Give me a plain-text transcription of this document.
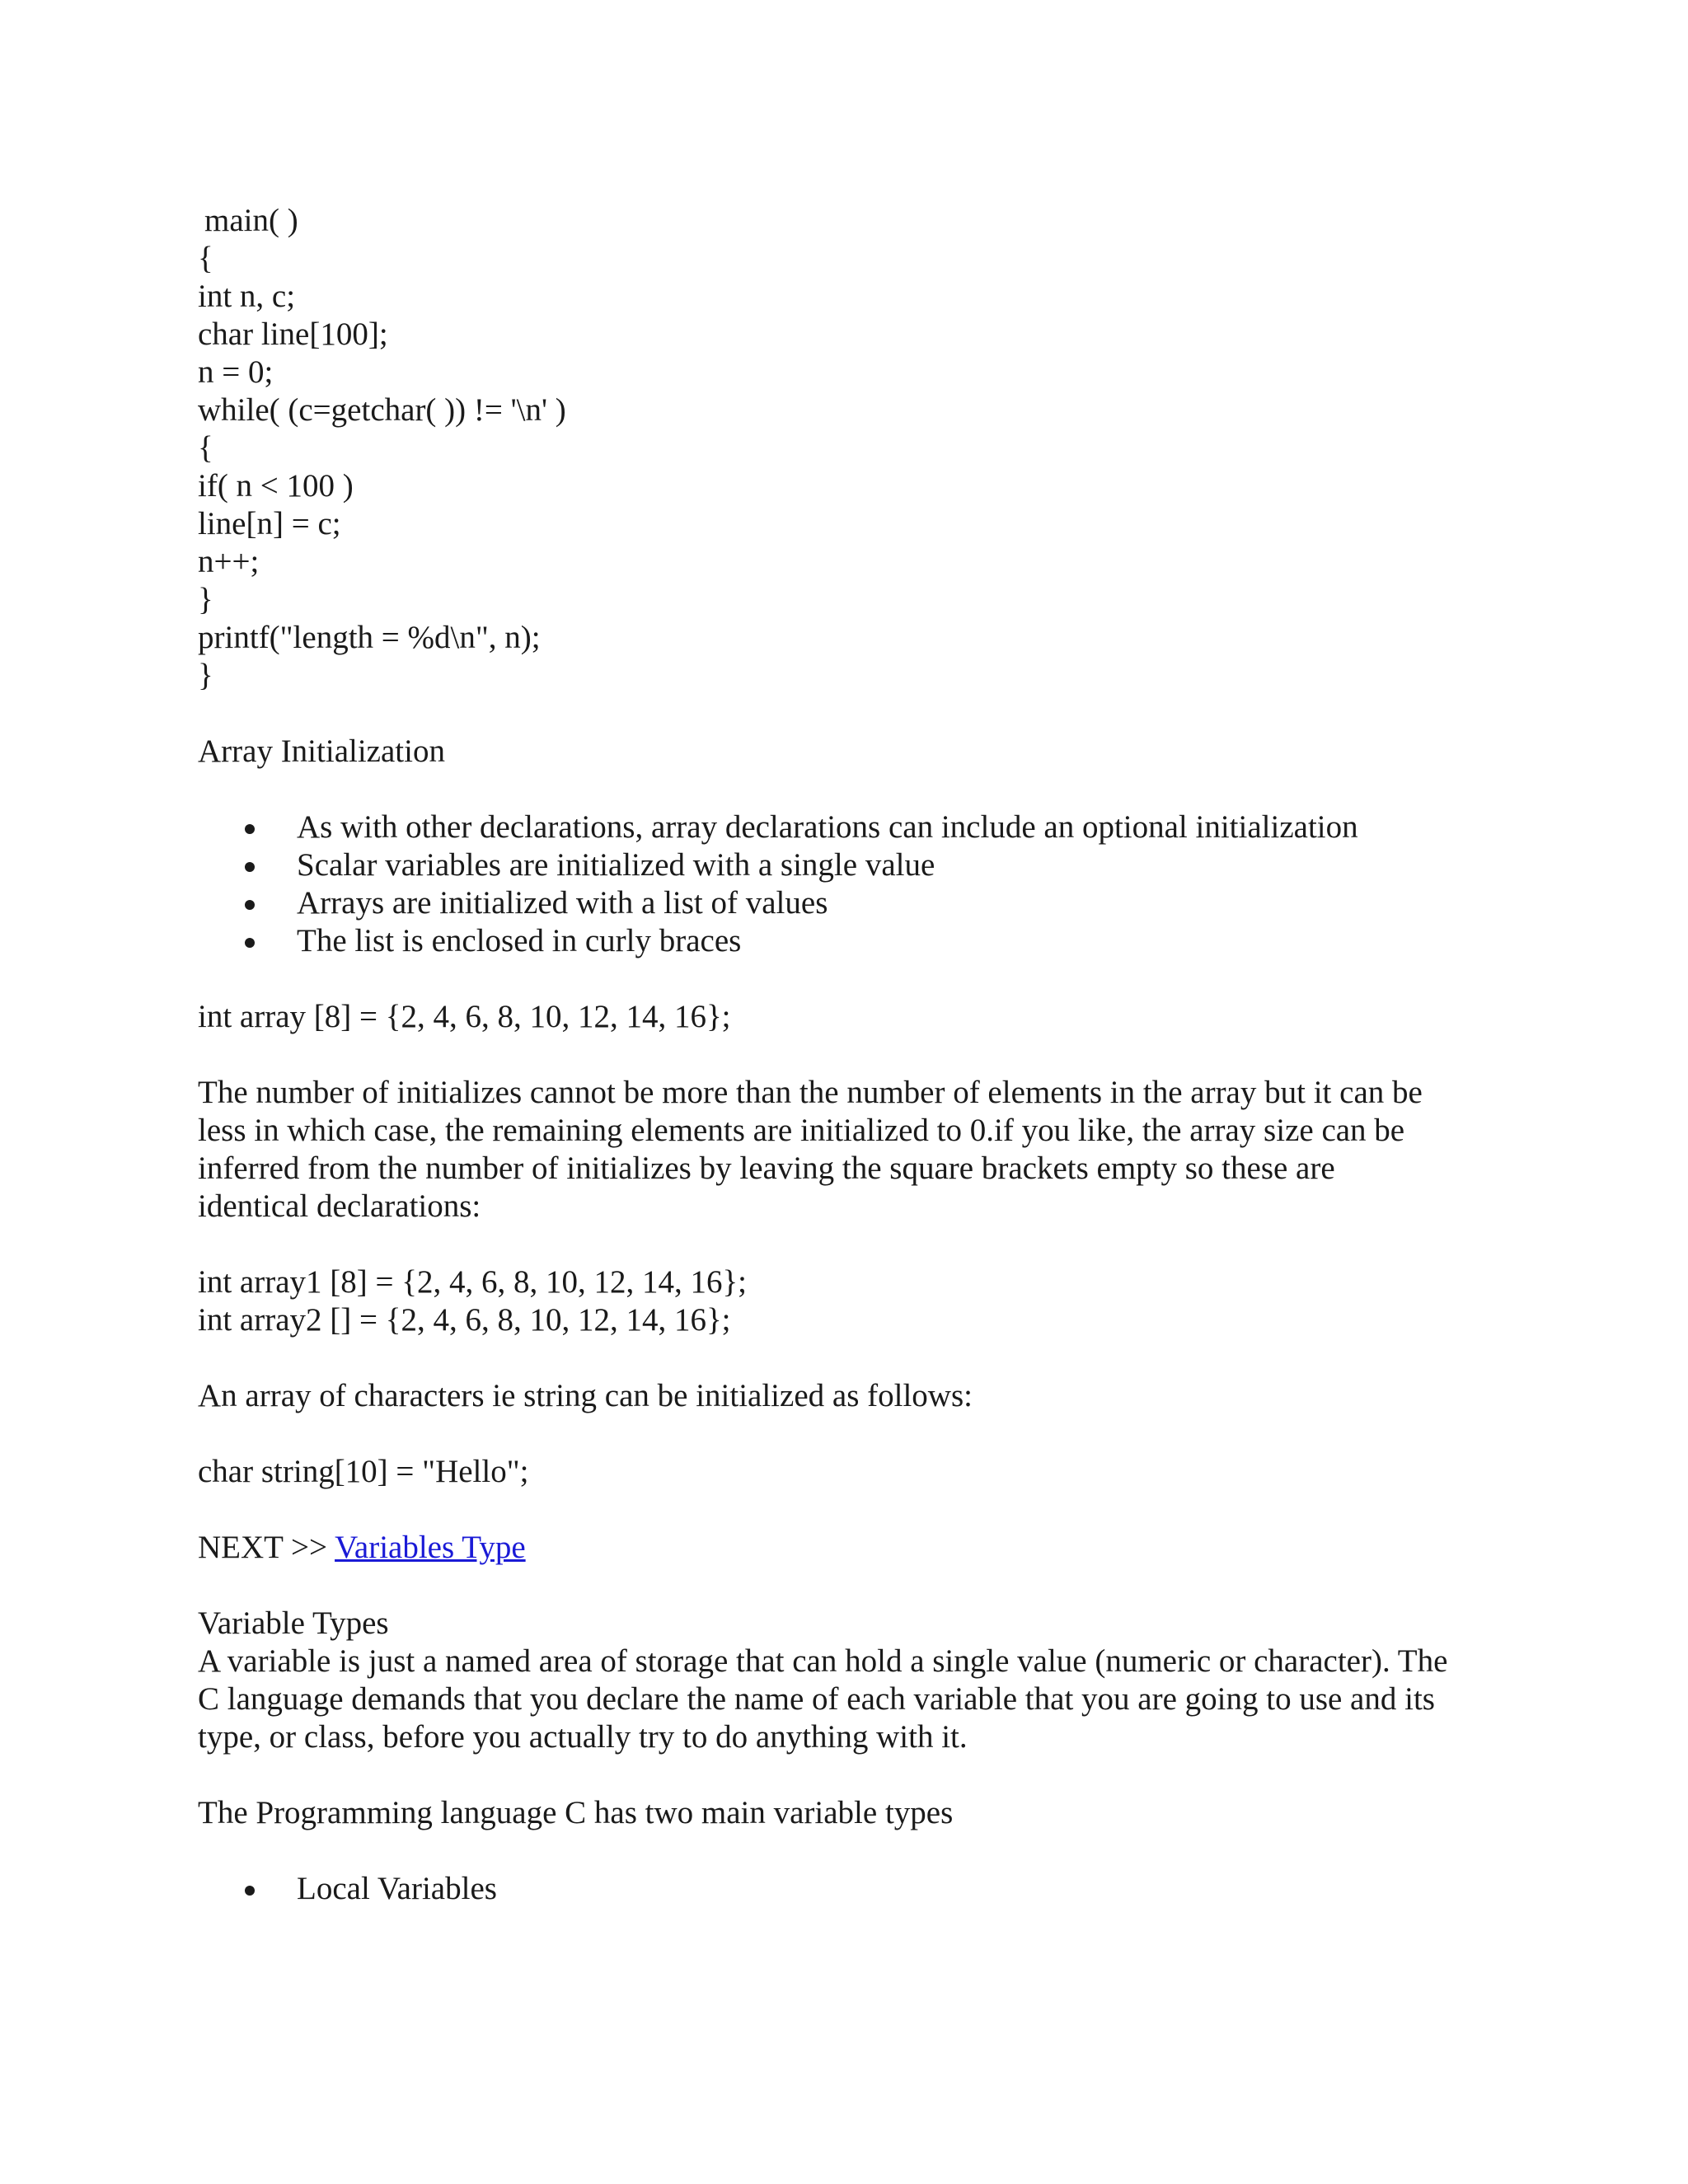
main( )
{
int n, c;
char line[100];
n = 0;
while( (c=getchar( )) != '\n' )
{
if( n < 100 )
line[n] = c;
n++;
}
printf("length = %d\n", n);
}
Array Initialization
As with other declarations, array declarations can include an optional initialization
Scalar variables are initialized with a single value
Arrays are initialized with a list of values
The list is enclosed in curly braces
int array [8] = {2, 4, 6, 8, 10, 12, 14, 16};

The number of initializes cannot be more than the number of elements in the array but it can be
less in which case, the remaining elements are initialized to 0.if you like, the array size can be
inferred from the number of initializes by leaving the square brackets empty so these are
identical declarations:

int array1 [8] = {2, 4, 6, 8, 10, 12, 14, 16};
int array2 [] = {2, 4, 6, 8, 10, 12, 14, 16};
An array of characters ie string can be initialized as follows:
char string[10] = "Hello";
NEXT >> Variables Type
Variable Types

A variable is just a named area of storage that can hold a single value (numeric or character). The
C language demands that you declare the name of each variable that you are going to use and its
type, or class, before you actually try to do anything with it.

The Programming language C has two main variable types
Local Variables
